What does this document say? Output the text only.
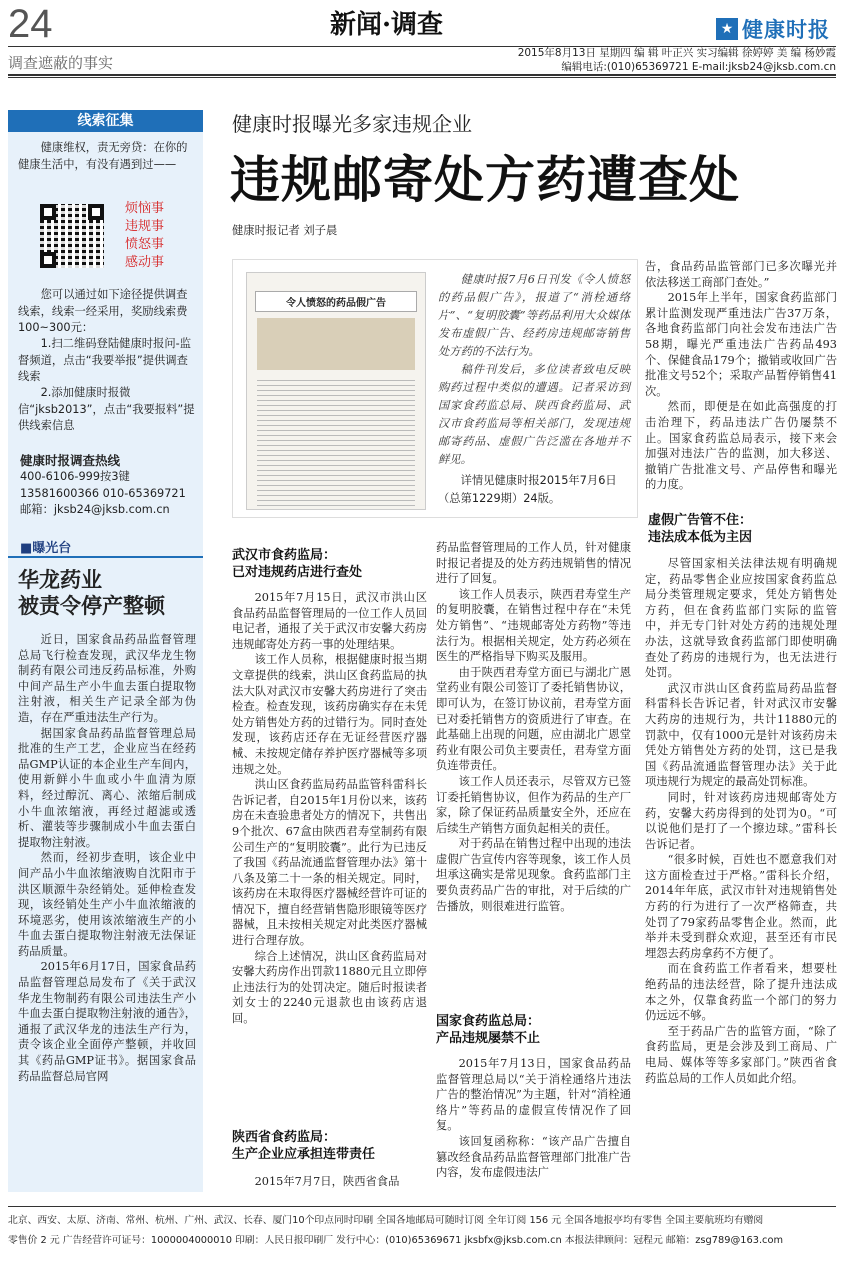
24	新闻·调查	★ 健康时报
调查遮蔽的事实
2015年8月13日 星期四 编 辑 叶正兴 实习编辑 徐婷婷 美 编 杨妙霞
编辑电话:(010)65369721 E-mail:jksb24@jksb.com.cn
线索征集
健康维权，责无旁贷：在你的健康生活中，有没有遇到过——
烦恼事
违规事
愤怒事
感动事
您可以通过如下途径提供调查线索，线索一经采用，奖励线索费100~300元：
1.扫二维码登陆健康时报问-监督频道，点击“我要举报”提供调查线索
2.添加健康时报微信“jksb2013”，点击“我要报料”提供线索信息
健康时报调查热线
400-6106-999按3键
13581600366 010-65369721
邮箱：jksb24@jksb.com.cn
■曝光台
华龙药业
被责令停产整顿

近日，国家食品药品监督管理总局飞行检查发现，武汉华龙生物制药有限公司违反药品标准，外购中间产品生产小牛血去蛋白提取物注射液，相关生产记录全部为伪造，存在严重违法生产行为。

据国家食品药品监督管理总局批准的生产工艺，企业应当在经药品GMP认证的本企业生产车间内，使用新鲜小牛血或小牛血清为原料，经过醇沉、离心、浓缩后制成小牛血浓缩液，再经过超滤或透析、灌装等步骤制成小牛血去蛋白提取物注射液。

然而，经初步查明，该企业中间产品小牛血浓缩液购自沈阳市于洪区顺源牛杂经销处。延伸检查发现，该经销处生产小牛血浓缩液的环境恶劣，使用该浓缩液生产的小牛血去蛋白提取物注射液无法保证药品质量。

2015年6月17日，国家食品药品监督管理总局发布了《关于武汉华龙生物制药有限公司违法生产小牛血去蛋白提取物注射液的通告》，通报了武汉华龙的违法生产行为，责令该企业全面停产整顿，并收回其《药品GMP证书》。据国家食品药品监督总局官网

健康时报曝光多家违规企业
违规邮寄处方药遭查处
健康时报记者 刘子晨
令人愤怒的药品假广告

健康时报7月6日刊发《令人愤怒的药品假广告》，报道了“消栓通络片”、“复明胶囊”等药品利用大众媒体发布虚假广告、经药房违规邮寄销售处方药的不法行为。

稿件刊发后，多位读者致电反映购药过程中类似的遭遇。记者采访到国家食药监总局、陕西食药监局、武汉市食药监局等相关部门，发现违规邮寄药品、虚假广告泛滥在各地并不鲜见。

详情见健康时报2015年7月6日（总第1229期）24版。
武汉市食药监局：
已对违规药店进行查处

2015年7月15日，武汉市洪山区食品药品监督管理局的一位工作人员回电记者，通报了关于武汉市安馨大药房违规邮寄处方药一事的处理结果。

该工作人员称，根据健康时报当期文章提供的线索，洪山区食药监局的执法大队对武汉市安馨大药房进行了突击检查。检查发现，该药房确实存在未凭处方销售处方药的过错行为。同时查处发现，该药店还存在无证经营医疗器械、未按规定储存养护医疗器械等多项违规之处。

洪山区食药监局药品监管科雷科长告诉记者，自2015年1月份以来，该药房在未查验患者处方的情况下，共售出9个批次、67盒由陕西君寿堂制药有限公司生产的“复明胶囊”。此行为已违反了我国《药品流通监督管理办法》第十八条及第二十一条的相关规定。同时，该药房在未取得医疗器械经营许可证的情况下，擅自经营销售隐形眼镜等医疗器械，且未按相关规定对此类医疗器械进行合理存放。

综合上述情况，洪山区食药监局对安馨大药房作出罚款11880元且立即停止违法行为的处罚决定。随后时报读者刘女士的2240元退款也由该药店退回。

陕西省食药监局：
生产企业应承担连带责任
2015年7月7日，陕西省食品

药品监督管理局的工作人员，针对健康时报记者提及的处方药违规销售的情况进行了回复。

该工作人员表示，陕西君寿堂生产的复明胶囊，在销售过程中存在“未凭处方销售”、“违规邮寄处方药物”等违法行为。根据相关规定，处方药必须在医生的严格指导下购买及服用。

由于陕西君寿堂方面已与湖北广恩堂药业有限公司签订了委托销售协议，即可认为，在签订协议前，君寿堂方面已对委托销售方的资质进行了审查。在此基础上出现的问题，应由湖北广恩堂药业有限公司负主要责任，君寿堂方面负连带责任。

该工作人员还表示，尽管双方已签订委托销售协议，但作为药品的生产厂家，除了保证药品质量安全外，还应在后续生产销售方面负起相关的责任。

对于药品在销售过程中出现的违法虚假广告宣传内容等现象，该工作人员坦承这确实是常见现象。食药监部门主要负责药品广告的审批，对于后续的广告播放，则很难进行监管。

国家食药监总局：
产品违规屡禁不止

2015年7月13日，国家食品药品监督管理总局以“关于消栓通络片违法广告的整治情况”为主题，针对“消栓通络片”等药品的虚假宣传情况作了回复。

该回复函称称：“该产品广告擅自篡改经食品药品监督管理部门批准广告内容，发布虚假违法广

告，食品药品监管部门已多次曝光并依法移送工商部门查处。”

2015年上半年，国家食药监部门累计监测发现严重违法广告37万条，各地食药监部门向社会发布违法广告58期，曝光严重违法广告药品493个、保健食品179个；撤销或收回广告批准文号52个；采取产品暂停销售41次。

然而，即便是在如此高强度的打击治理下，药品违法广告仍屡禁不止。国家食药监总局表示，接下来会加强对违法广告的监测，加大移送、撤销广告批准文号、产品停售和曝光的力度。

虚假广告管不住：
违法成本低为主因

尽管国家相关法律法规有明确规定，药品零售企业应按国家食药监总局分类管理规定要求，凭处方销售处方药，但在食药监部门实际的监管中，并无专门针对处方药的违规处理办法，这就导致食药监部门即使明确查处了药房的违规行为，也无法进行处罚。

武汉市洪山区食药监局药品监督科雷科长告诉记者，针对武汉市安馨大药房的违规行为，共计11880元的罚款中，仅有1000元是针对该药房未凭处方销售处方药的处罚，这已是我国《药品流通监督管理办法》关于此项违规行为规定的最高处罚标准。

同时，针对该药房违规邮寄处方药，安馨大药房得到的处罚为0。“可以说他们是打了一个擦边球。”雷科长告诉记者。

“很多时候，百姓也不愿意我们对这方面检查过于严格。”雷科长介绍，2014年年底，武汉市针对违规销售处方药的行为进行了一次严格筛查，共处罚了79家药品零售企业。然而，此举并未受到群众欢迎，甚至还有市民埋怨去药房拿药不方便了。

而在食药监工作者看来，想要杜绝药品的违法经营，除了提升违法成本之外，仅靠食药监一个部门的努力仍远远不够。

至于药品广告的监管方面，“除了食药监局，更是会涉及到工商局、广电局、媒体等等多家部门。”陕西省食药监总局的工作人员如此介绍。

北京、西安、太原、济南、常州、杭州、广州、武汉、长春、厦门10个印点同时印刷 全国各地邮局可随时订阅 全年订阅 156 元 全国各地报亭均有零售 全国主要航班均有赠阅
零售价 2 元 广告经营许可证号：1000004000010 印刷：人民日报印刷厂 发行中心：(010)65369671 jksbfx@jksb.com.cn 本报法律顾问：冠程元 邮箱：zsg789@163.com
